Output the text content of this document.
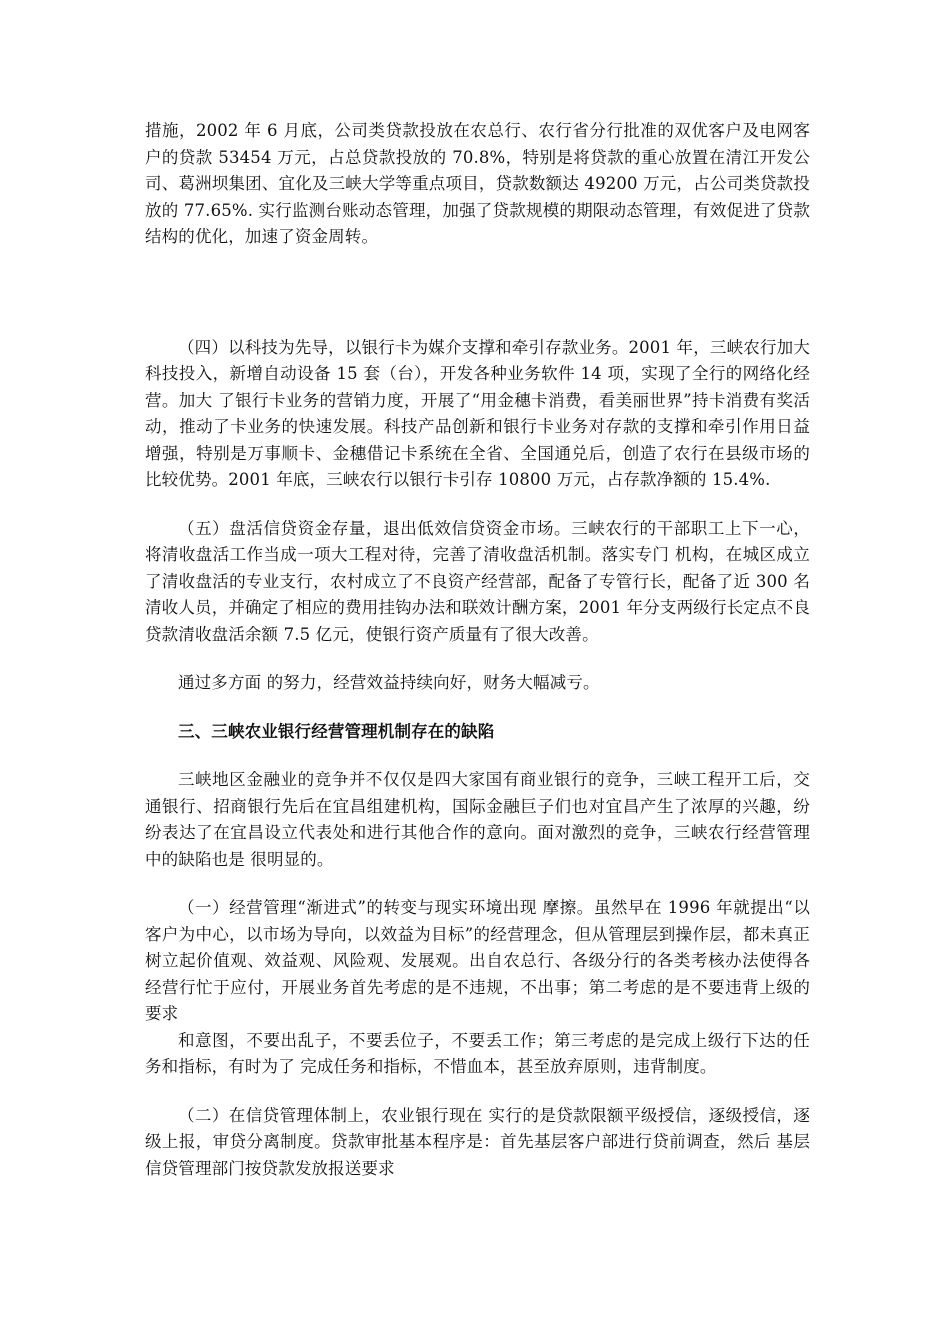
措施，2002 年 6 月底，公司类贷款投放在农总行、农行省分行批准的双优客户及电网客户的贷款 53454 万元，占总贷款投放的 70.8%，特别是将贷款的重心放置在清江开发公司、葛洲坝集团、宜化及三峡大学等重点项目，贷款数额达 49200 万元，占公司类贷款投放的 77.65%. 实行监测台账动态管理，加强了贷款规模的期限动态管理，有效促进了贷款结构的优化，加速了资金周转。

（四）以科技为先导，以银行卡为媒介支撑和牵引存款业务。2001 年，三峡农行加大 科技投入，新增自动设备 15 套（台），开发各种业务软件 14 项，实现了全行的网络化经营。加大 了银行卡业务的营销力度，开展了“用金穗卡消费，看美丽世界”持卡消费有奖活动，推动了卡业务的快速发展。科技产品创新和银行卡业务对存款的支撑和牵引作用日益增强，特别是万事顺卡、金穗借记卡系统在全省、全国通兑后，创造了农行在县级市场的比较优势。2001 年底，三峡农行以银行卡引存 10800 万元，占存款净额的 15.4%.

（五）盘活信贷资金存量，退出低效信贷资金市场。三峡农行的干部职工上下一心，将清收盘活工作当成一项大工程对待，完善了清收盘活机制。落实专门 机构，在城区成立了清收盘活的专业支行，农村成立了不良资产经营部，配备了专管行长，配备了近 300 名清收人员，并确定了相应的费用挂钩办法和联效计酬方案，2001 年分支两级行长定点不良贷款清收盘活余额 7.5 亿元，使银行资产质量有了很大改善。

通过多方面 的努力，经营效益持续向好，财务大幅减亏。

三、三峡农业银行经营管理机制存在的缺陷

三峡地区金融业的竞争并不仅仅是四大家国有商业银行的竞争，三峡工程开工后，交通银行、招商银行先后在宜昌组建机构，国际金融巨子们也对宜昌产生了浓厚的兴趣，纷纷表达了在宜昌设立代表处和进行其他合作的意向。面对激烈的竞争，三峡农行经营管理中的缺陷也是 很明显的。

（一）经营管理“渐进式”的转变与现实环境出现 摩擦。虽然早在 1996 年就提出“以客户为中心，以市场为导向，以效益为目标”的经营理念，但从管理层到操作层，都未真正树立起价值观、效益观、风险观、发展观。出自农总行、各级分行的各类考核办法使得各经营行忙于应付，开展业务首先考虑的是不违规，不出事；第二考虑的是不要违背上级的要求
和意图，不要出乱子，不要丢位子，不要丢工作；第三考虑的是完成上级行下达的任务和指标，有时为了 完成任务和指标，不惜血本，甚至放弃原则，违背制度。

（二）在信贷管理体制上，农业银行现在 实行的是贷款限额平级授信，逐级授信，逐级上报，审贷分离制度。贷款审批基本程序是：首先基层客户部进行贷前调查，然后 基层信贷管理部门按贷款发放报送要求
